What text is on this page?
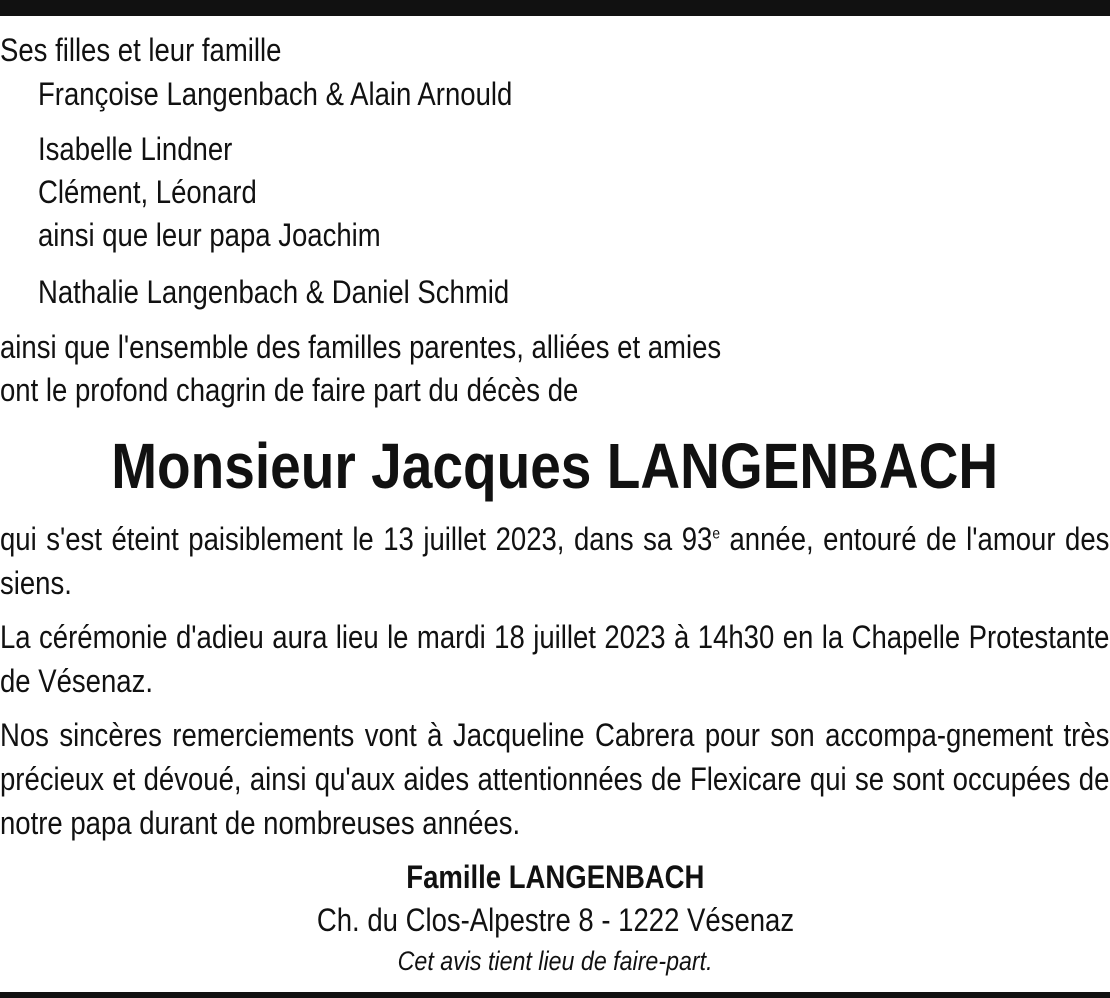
Ses filles et leur famille
Françoise Langenbach & Alain Arnould
Isabelle Lindner
Clément, Léonard
ainsi que leur papa Joachim
Nathalie Langenbach & Daniel Schmid
ainsi que l'ensemble des familles parentes, alliées et amies
ont le profond chagrin de faire part du décès de
Monsieur Jacques LANGENBACH
qui s'est éteint paisiblement le 13 juillet 2023, dans sa 93e année, entouré de l'amour des siens.
La cérémonie d'adieu aura lieu le mardi 18 juillet 2023 à 14h30 en la Chapelle Protestante de Vésenaz.
Nos sincères remerciements vont à Jacqueline Cabrera pour son accompa-gnement très précieux et dévoué, ainsi qu'aux aides attentionnées de Flexicare qui se sont occupées de notre papa durant de nombreuses années.
Famille LANGENBACH
Ch. du Clos-Alpestre 8 - 1222 Vésenaz
Cet avis tient lieu de faire-part.
